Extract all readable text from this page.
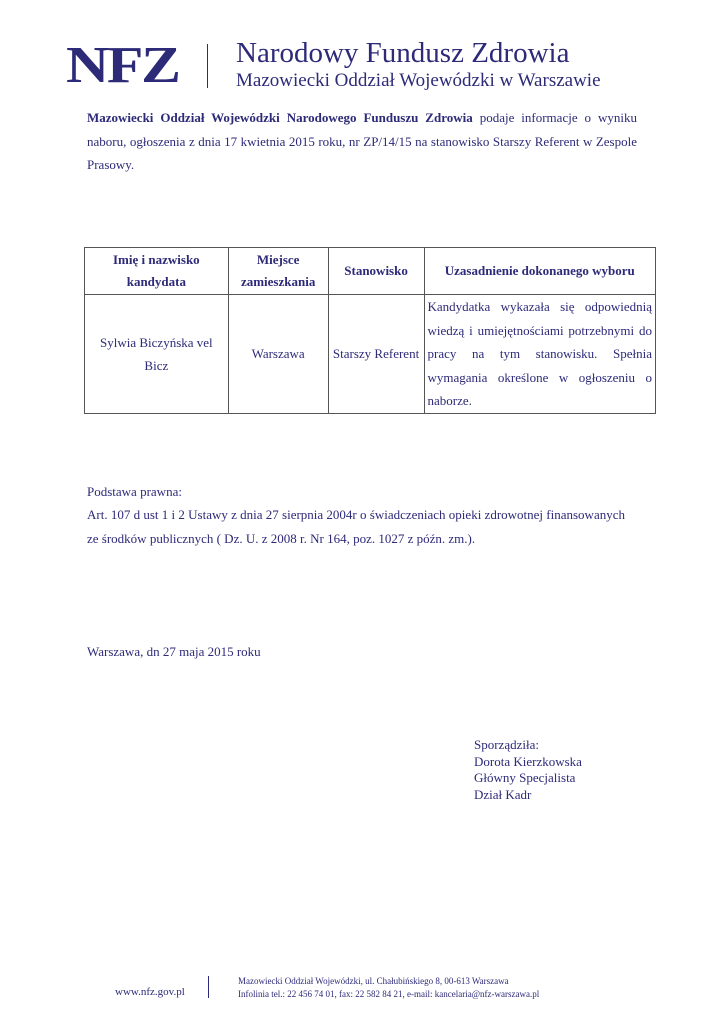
NFZ Narodowy Fundusz Zdrowia
Mazowiecki Oddział Wojewódzki w Warszawie
Mazowiecki Oddział Wojewódzki Narodowego Funduszu Zdrowia podaje informacje o wyniku naboru, ogłoszenia z dnia 17 kwietnia 2015 roku, nr ZP/14/15 na stanowisko Starszy Referent w Zespole Prasowy.
Imię i nazwisko kandydata	Miejsce zamieszkania	Stanowisko	Uzasadnienie dokonanego wyboru
Sylwia Biczyńska vel Bicz	Warszawa	Starszy Referent	Kandydatka wykazała się odpowiednią wiedzą i umiejętnościami potrzebnymi do pracy na tym stanowisku. Spełnia wymagania określone w ogłoszeniu o naborze.
Podstawa prawna:
Art. 107 d ust 1 i 2 Ustawy z dnia 27 sierpnia 2004r o świadczeniach opieki zdrowotnej finansowanych ze środków publicznych ( Dz. U. z 2008 r. Nr 164, poz. 1027 z późn. zm.).
Warszawa, dn 27 maja 2015 roku
Sporządziła:
Dorota Kierzkowska
Główny Specjalista
Dział Kadr
www.nfz.gov.pl
Mazowiecki Oddział Wojewódzki, ul. Chałubińskiego 8, 00-613 Warszawa
Infolinia tel.: 22 456 74 01, fax: 22 582 84 21, e-mail: kancelaria@nfz-warszawa.pl
